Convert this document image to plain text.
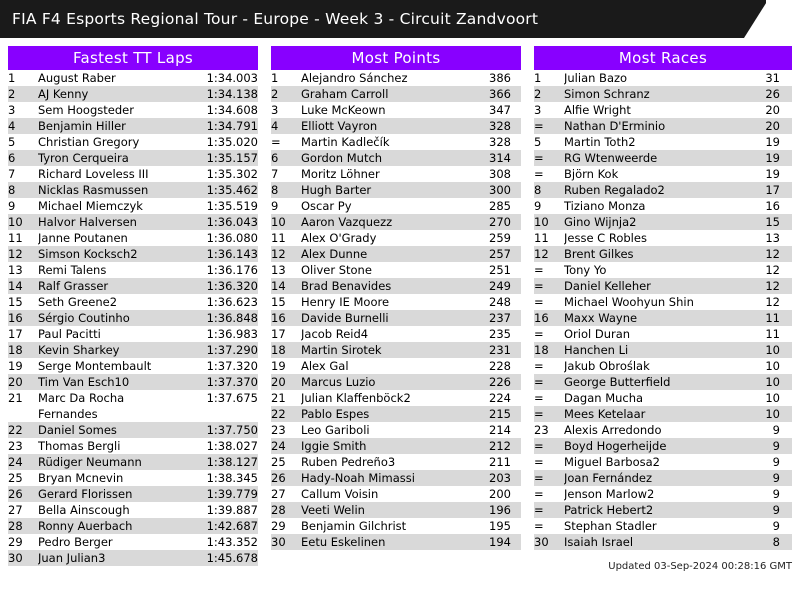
FIA F4 Esports Regional Tour - Europe - Week 3 - Circuit Zandvoort
Fastest TT Laps
1	August Raber	1:34.003
2	AJ Kenny	1:34.138
3	Sem Hoogsteder	1:34.608
4	Benjamin Hiller	1:34.791
5	Christian Gregory	1:35.020
6	Tyron Cerqueira	1:35.157
7	Richard Loveless III	1:35.302
8	Nicklas Rasmussen	1:35.462
9	Michael Miemczyk	1:35.519
10	Halvor Halversen	1:36.043
11	Janne Poutanen	1:36.080
12	Simson Kocksch2	1:36.143
13	Remi Talens	1:36.176
14	Ralf Grasser	1:36.320
15	Seth Greene2	1:36.623
16	Sérgio Coutinho	1:36.848
17	Paul Pacitti	1:36.983
18	Kevin Sharkey	1:37.290
19	Serge Montembault	1:37.320
20	Tim Van Esch10	1:37.370
21	Marc Da Rocha
Fernandes	1:37.675
22	Daniel Somes	1:37.750
23	Thomas Bergli	1:38.027
24	Rüdiger Neumann	1:38.127
25	Bryan Mcnevin	1:38.345
26	Gerard Florissen	1:39.779
27	Bella Ainscough	1:39.887
28	Ronny Auerbach	1:42.687
29	Pedro Berger	1:43.352
30	Juan Julian3	1:45.678
Most Points
1	Alejandro Sánchez	386
2	Graham Carroll	366
3	Luke McKeown	347
4	Elliott Vayron	328
=	Martin Kadlečík	328
6	Gordon Mutch	314
7	Moritz Löhner	308
8	Hugh Barter	300
9	Oscar Py	285
10	Aaron Vazquezz	270
11	Alex O'Grady	259
12	Alex Dunne	257
13	Oliver Stone	251
14	Brad Benavides	249
15	Henry IE Moore	248
16	Davide Burnelli	237
17	Jacob Reid4	235
18	Martin Sirotek	231
19	Alex Gal	228
20	Marcus Luzio	226
21	Julian Klaffenböck2	224
22	Pablo Espes	215
23	Leo Gariboli	214
24	Iggie Smith	212
25	Ruben Pedreño3	211
26	Hady-Noah Mimassi	203
27	Callum Voisin	200
28	Veeti Welin	196
29	Benjamin Gilchrist	195
30	Eetu Eskelinen	194
Most Races
1	Julian Bazo	31
2	Simon Schranz	26
3	Alfie Wright	20
=	Nathan D'Erminio	20
5	Martin Toth2	19
=	RG Wtenweerde	19
=	Björn Kok	19
8	Ruben Regalado2	17
9	Tiziano Monza	16
10	Gino Wijnja2	15
11	Jesse C Robles	13
12	Brent Gilkes	12
=	Tony Yo	12
=	Daniel Kelleher	12
=	Michael Woohyun Shin	12
16	Maxx Wayne	11
=	Oriol Duran	11
18	Hanchen Li	10
=	Jakub Obroślak	10
=	George Butterfield	10
=	Dagan Mucha	10
=	Mees Ketelaar	10
23	Alexis Arredondo	9
=	Boyd Hogerheijde	9
=	Miguel Barbosa2	9
=	Joan Fernández	9
=	Jenson Marlow2	9
=	Patrick Hebert2	9
=	Stephan Stadler	9
30	Isaiah Israel	8
Updated 03-Sep-2024 00:28:16 GMT
